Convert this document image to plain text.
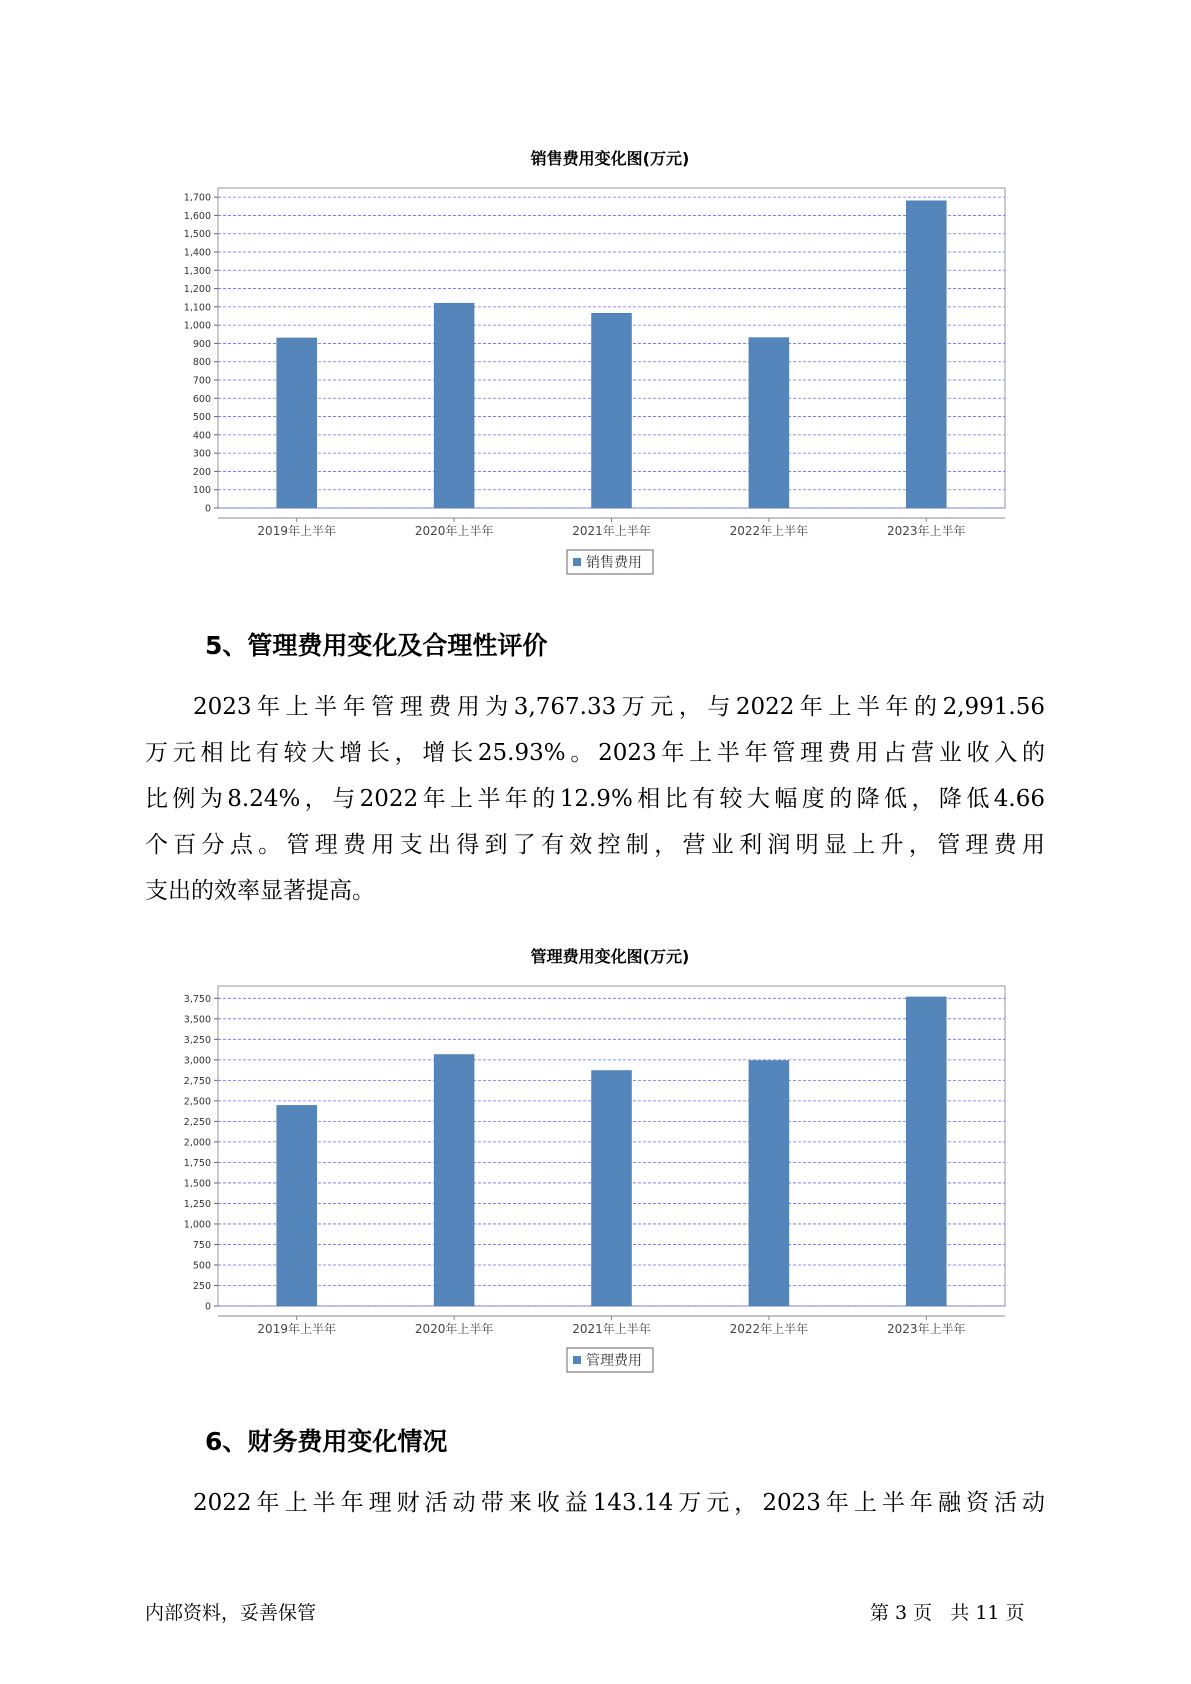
销售费用变化图(万元)
0
100
200
300
400
500
600
700
800
900
1,000
1,100
1,200
1,300
1,400
1,500
1,600
1,700
2019年上半年	2020年上半年	2021年上半年	2022年上半年	2023年上半年
销售费用
5、管理费用变化及合理性评价
2023年上半年管理费用为3,767.33万元，与2022年上半年的2,991.56
万元相比有较大增长，增长25.93%。2023年上半年管理费用占营业收入的
比例为8.24%，与2022年上半年的12.9%相比有较大幅度的降低，降低4.66
个百分点。管理费用支出得到了有效控制，营业利润明显上升，管理费用
支出的效率显著提高。
管理费用变化图(万元)
0
250
500
750
1,000
1,250
1,500
1,750
2,000
2,250
2,500
2,750
3,000
3,250
3,500
3,750
2019年上半年	2020年上半年	2021年上半年	2022年上半年	2023年上半年
管理费用
6、财务费用变化情况
2022年上半年理财活动带来收益143.14万元，2023年上半年融资活动
内部资料，妥善保管	第 3 页   共 11 页
